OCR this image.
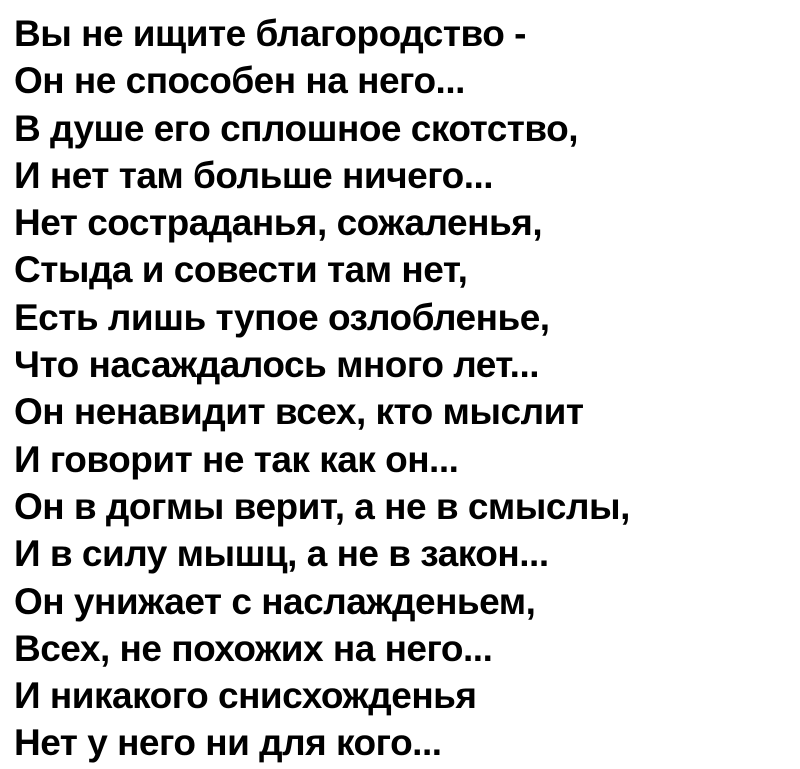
Вы не ищите благородство -
Он не способен на него...
В душе его сплошное скотство,
И нет там больше ничего...
Нет состраданья, сожаленья,
Стыда и совести там нет,
Есть лишь тупое озлобленье,
Что насаждалось много лет...
Он ненавидит всех, кто мыслит
И говорит не так как он...
Он в догмы верит, а не в смыслы,
И в силу мышц, а не в закон...
Он унижает с наслажденьем,
Всех, не похожих на него...
И никакого снисхожденья
Нет у него ни для кого...
